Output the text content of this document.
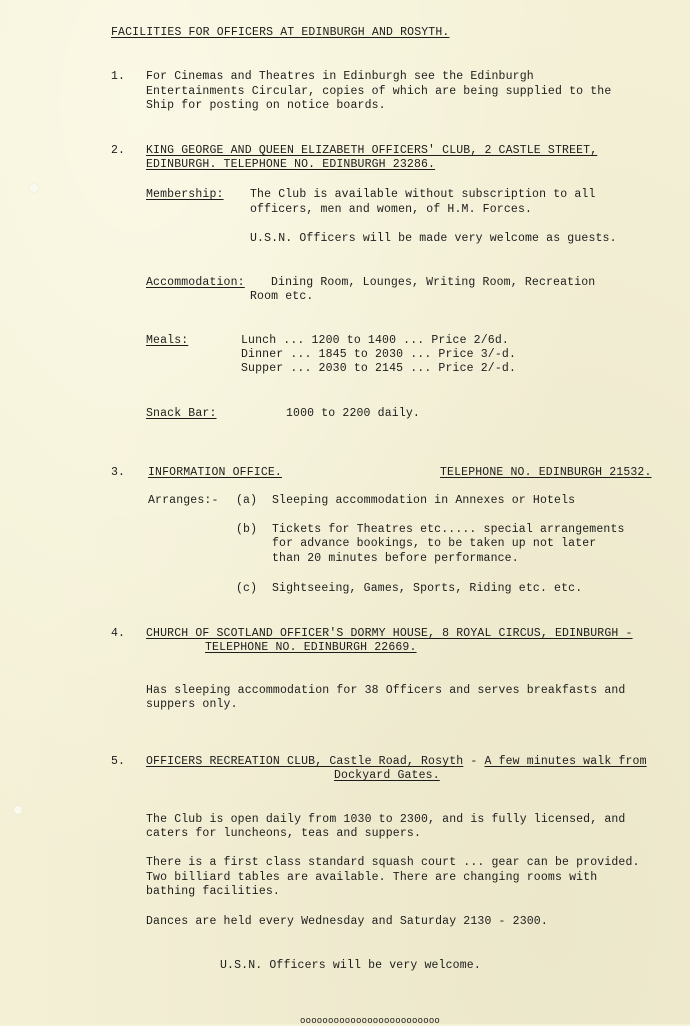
FACILITIES FOR OFFICERS AT EDINBURGH AND ROSYTH.
1. For Cinemas and Theatres in Edinburgh see the Edinburgh
Entertainments Circular, copies of which are being supplied to the
Ship for posting on notice boards.
2. KING GEORGE AND QUEEN ELIZABETH OFFICERS' CLUB, 2 CASTLE STREET,
EDINBURGH. TELEPHONE NO. EDINBURGH 23286.
Membership: The Club is available without subscription to all
officers, men and women, of H.M. Forces.
U.S.N. Officers will be made very welcome as guests.
Accommodation: Dining Room, Lounges, Writing Room, Recreation
Room etc.
Meals:	Lunch ... 1200 to 1400 ... Price 2/6d.
Dinner ... 1845 to 2030 ... Price 3/-d.
Supper ... 2030 to 2145 ... Price 2/-d.
Snack Bar:	1000 to 2200 daily.
3. INFORMATION OFFICE.	TELEPHONE NO. EDINBURGH 21532.
Arranges:- (a) Sleeping accommodation in Annexes or Hotels
(b) Tickets for Theatres etc..... special arrangements
for advance bookings, to be taken up not later
than 20 minutes before performance.
(c) Sightseeing, Games, Sports, Riding etc. etc.
4. CHURCH OF SCOTLAND OFFICER'S DORMY HOUSE, 8 ROYAL CIRCUS, EDINBURGH -
TELEPHONE NO. EDINBURGH 22669.
Has sleeping accommodation for 38 Officers and serves breakfasts and
suppers only.
5. OFFICERS RECREATION CLUB, Castle Road, Rosyth - A few minutes walk from
Dockyard Gates.
The Club is open daily from 1030 to 2300, and is fully licensed, and
caters for luncheons, teas and suppers.
There is a first class standard squash court ... gear can be provided.
Two billiard tables are available. There are changing rooms with
bathing facilities.
Dances are held every Wednesday and Saturday 2130 - 2300.
U.S.N. Officers will be very welcome.
ooooooooooooooooooooooooo
